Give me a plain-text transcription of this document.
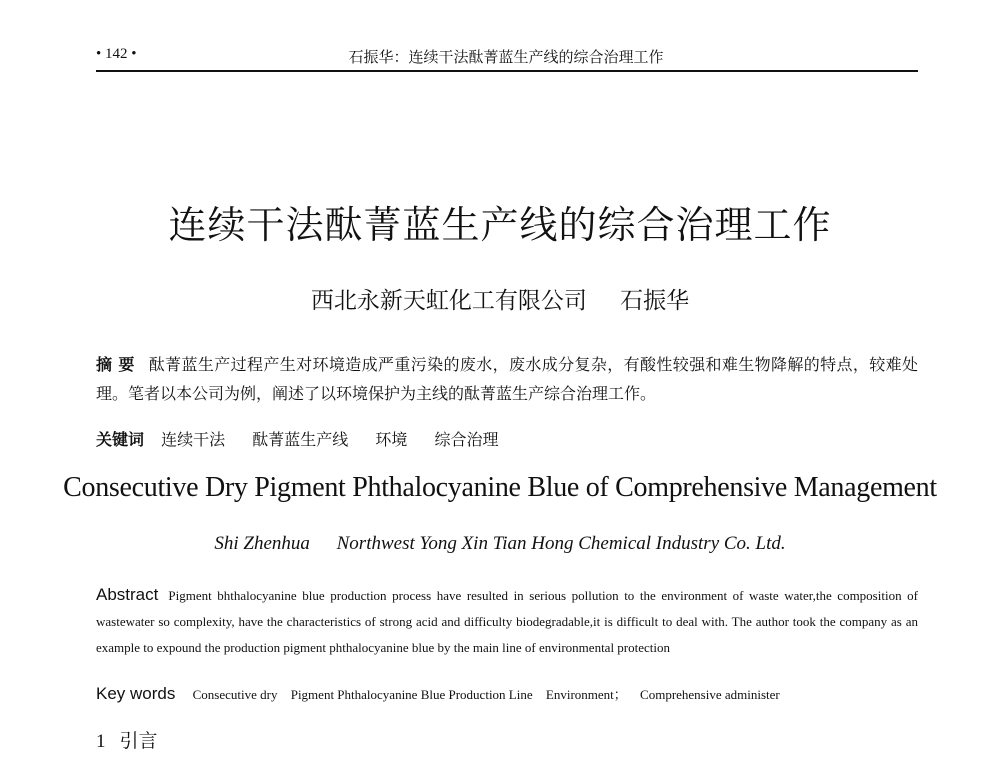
• 142 •	石振华：连续干法酞菁蓝生产线的综合治理工作
连续干法酞菁蓝生产线的综合治理工作
西北永新天虹化工有限公司 石振华
摘 要 酞菁蓝生产过程产生对环境造成严重污染的废水，废水成分复杂，有酸性较强和难生物降解的特点，较难处理。笔者以本公司为例，阐述了以环境保护为主线的酞菁蓝生产综合治理工作。
关键词 连续干法 酞菁蓝生产线 环境 综合治理
Consecutive Dry Pigment Phthalocyanine Blue of Comprehensive Management
Shi Zhenhua Northwest Yong Xin Tian Hong Chemical Industry Co. Ltd.
Abstract Pigment bhthalocyanine blue production process have resulted in serious pollution to the environment of waste water,the composition of wastewater so complexity, have the characteristics of strong acid and difficulty biodegradable,it is difficult to deal with. The author took the company as an example to expound the production pigment phthalocyanine blue by the main line of environmental protection
Key words Consecutive dry Pigment Phthalocyanine Blue Production Line Environment； Comprehensive administer
1 引言
